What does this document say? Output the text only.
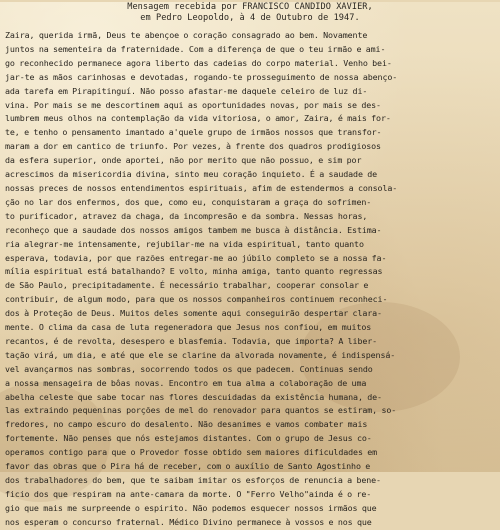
Mensagem recebida por FRANCISCO CANDIDO XAVIER,
em Pedro Leopoldo, à 4 de Outubro de 1947.
Zaira, querida irmã, Deus te abençoe o coração consagrado ao bem. Novamente
juntos na sementeira da fraternidade. Com a diferença de que o teu irmão e ami-
go reconhecido permanece agora liberto das cadeias do corpo material. Venho bei-
jar-te as mãos carinhosas e devotadas, rogando-te prosseguimento de nossa abenço-
ada tarefa em Pirapitinguí. Não posso afastar-me daquele celeiro de luz di-
vina. Por mais se me descortinem aqui as oportunidades novas, por mais se des-
lumbrem meus olhos na contemplação da vida vitoriosa, o amor, Zaira, é mais for-
te, e tenho o pensamento imantado a'quele grupo de irmãos nossos que transfor-
maram a dor em cantico de triunfo. Por vezes, à frente dos quadros prodigiosos
da esfera superior, onde aportei, não por merito que não possuo, e sim por
acrescimos da misericordia divina, sinto meu coração inquieto. É a saudade de
nossas preces de nossos entendimentos espirituais, afim de estendermos a consola-
ção no lar dos enfermos, dos que, como eu, conquistaram a graça do sofrimen-
to purificador, atravez da chaga, da incompresão e da sombra. Nessas horas,
reconheço que a saudade dos nossos amigos tambem me busca à distância. Estima-
ria alegrar-me intensamente, rejubilar-me na vida espiritual, tanto quanto
esperava, todavia, por que razões entregar-me ao júbilo completo se a nossa fa-
mília espiritual está batalhando? E volto, minha amiga, tanto quanto regressas
de São Paulo, precipitadamente. É necessário trabalhar, cooperar consolar e
contribuir, de algum modo, para que os nossos companheiros continuem reconheci-
dos à Proteção de Deus. Muitos deles somente aqui conseguirão despertar clara-
mente. O clima da casa de luta regeneradora que Jesus nos confiou, em muitos
recantos, é de revolta, desespero e blasfemia. Todavia, que importa? A liber-
tação virá, um dia, e até que ele se clarine da alvorada novamente, é indispensá-
vel avançarmos nas sombras, socorrendo todos os que padecem. Continuas sendo
a nossa mensageira de bôas novas. Encontro em tua alma a colaboração de uma
abelha celeste que sabe tocar nas flores descuidadas da existência humana, de-
las extraindo pequeninas porções de mel do renovador para quantos se estiram, so-
fredores, no campo escuro do desalento. Não desanimes e vamos combater mais
fortemente. Não penses que nós estejamos distantes. Com o grupo de Jesus co-
operamos contigo para que o Provedor fosse obtido sem maiores dificuldades em
favor das obras que o Pira há de receber, com o auxílio de Santo Agostinho e
dos trabalhadores do bem, que te saibam imitar os esforços de renuncia a bene-
ficio dos que respiram na ante-camara da morte. O "Ferro Velho"ainda é o re-
gio que mais me surpreende o espirito. Não podemos esquecer nossos irmãos que
nos esperam o concurso fraternal. Médico Divino permanece à vossos e nos que
